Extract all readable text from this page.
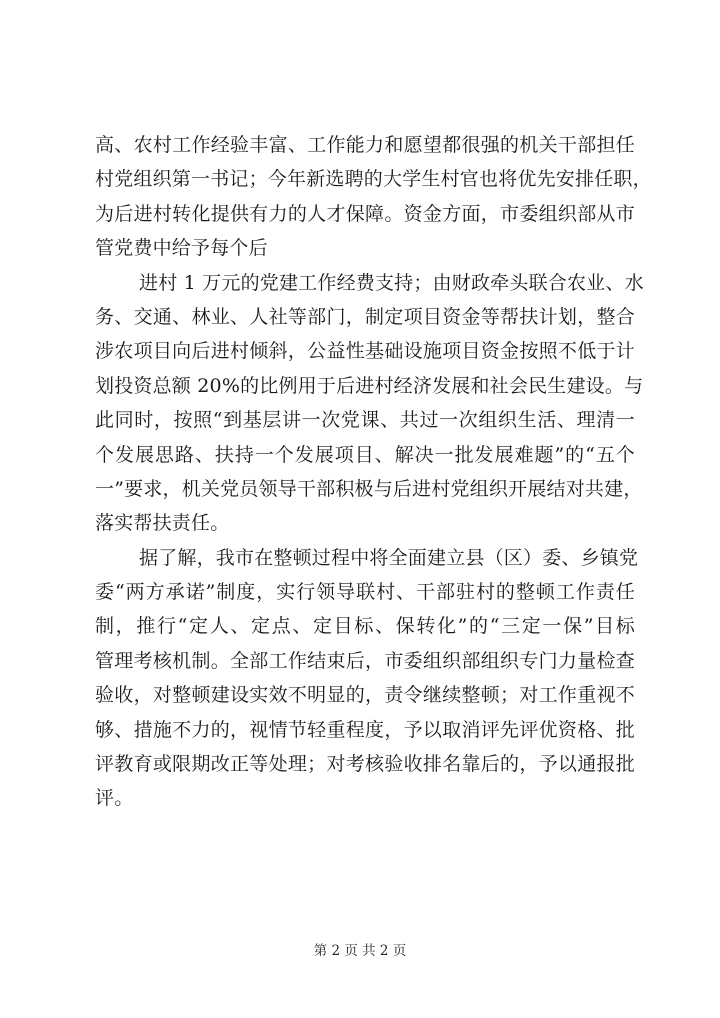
高、农村工作经验丰富、工作能力和愿望都很强的机关干部担任
村党组织第一书记；今年新选聘的大学生村官也将优先安排任职，
为后进村转化提供有力的人才保障。资金方面，市委组织部从市
管党费中给予每个后
进村 1 万元的党建工作经费支持；由财政牵头联合农业、水
务、交通、林业、人社等部门，制定项目资金等帮扶计划，整合
涉农项目向后进村倾斜，公益性基础设施项目资金按照不低于计
划投资总额 20%的比例用于后进村经济发展和社会民生建设。与
此同时，按照“到基层讲一次党课、共过一次组织生活、理清一
个发展思路、扶持一个发展项目、解决一批发展难题”的“五个
一”要求，机关党员领导干部积极与后进村党组织开展结对共建，
落实帮扶责任。
据了解，我市在整顿过程中将全面建立县（区）委、乡镇党
委“两方承诺”制度，实行领导联村、干部驻村的整顿工作责任
制，推行“定人、定点、定目标、保转化”的“三定一保”目标
管理考核机制。全部工作结束后，市委组织部组织专门力量检查
验收，对整顿建设实效不明显的，责令继续整顿；对工作重视不
够、措施不力的，视情节轻重程度，予以取消评先评优资格、批
评教育或限期改正等处理；对考核验收排名靠后的，予以通报批
评。
第 2 页 共 2 页
